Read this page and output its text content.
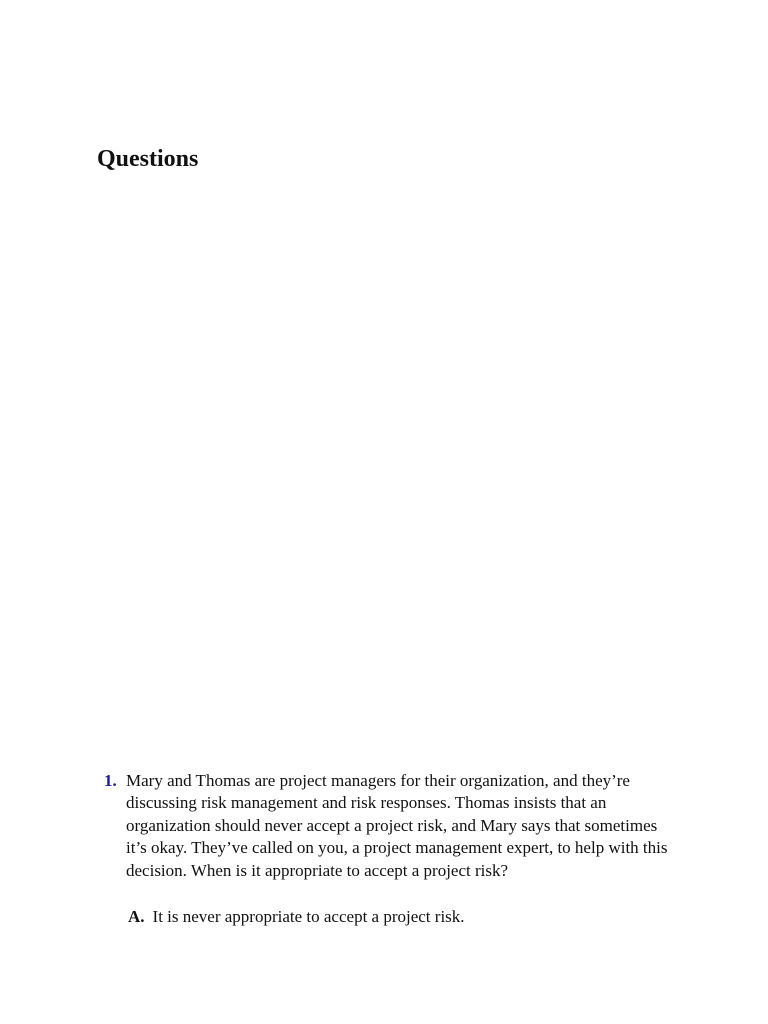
Questions
1. Mary and Thomas are project managers for their organization, and they’re discussing risk management and risk responses. Thomas insists that an organization should never accept a project risk, and Mary says that sometimes it’s okay. They’ve called on you, a project management expert, to help with this decision. When is it appropriate to accept a project risk?

A. It is never appropriate to accept a project risk.
